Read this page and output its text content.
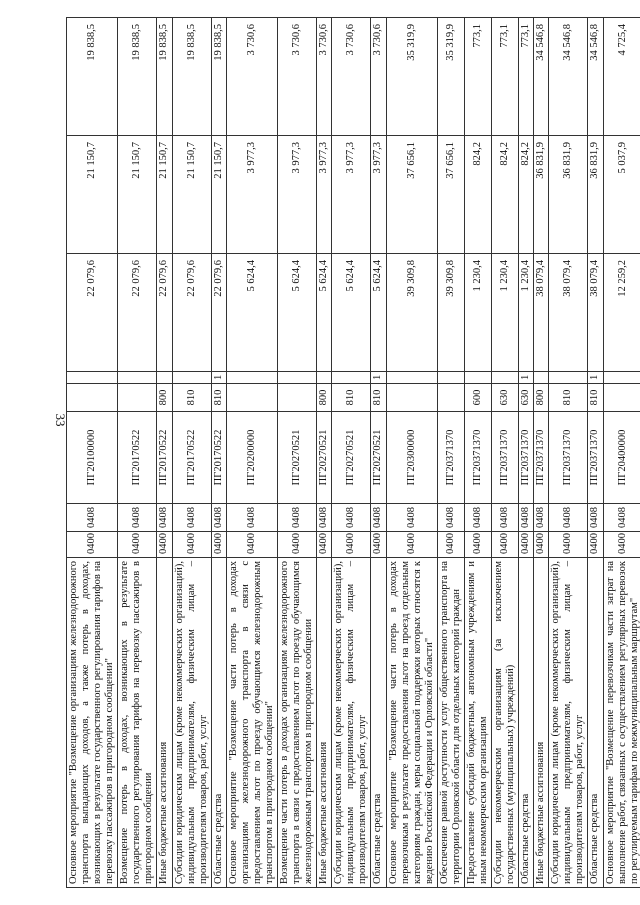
33
Основное мероприятие "Возмещение организациям железнодорожного транспорта выпадающих доходов, а также потерь в доходах, возникающих в результате государственного регулирования тарифов на перевозку пассажиров в пригородном сообщении"	0400	0408	ПГ20100000			22 079,6	21 150,7	19 838,5
Возмещение потерь в доходах, возникающих в результате государственного регулирования тарифов на перевозку пассажиров в пригородном сообщении	0400	0408	ПГ20170522			22 079,6	21 150,7	19 838,5
Иные бюджетные ассигнования	0400	0408	ПГ20170522	800		22 079,6	21 150,7	19 838,5
Субсидии юридическим лицам (кроме некоммерческих организаций), индивидуальным предпринимателям, физическим лицам – производителям товаров, работ, услуг	0400	0408	ПГ20170522	810		22 079,6	21 150,7	19 838,5
Областные средства	0400	0408	ПГ20170522	810	1	22 079,6	21 150,7	19 838,5
Основное мероприятие "Возмещение части потерь в доходах организациям железнодорожного транспорта в связи с предоставлением льгот по проезду обучающимся железнодорожным транспортом в пригородном сообщении"	0400	0408	ПГ20200000			5 624,4	3 977,3	3 730,6
Возмещение части потерь в доходах организациям железнодорожного транспорта в связи с предоставлением льгот по проезду обучающимся железнодорожным транспортом в пригородном сообщении	0400	0408	ПГ20270521			5 624,4	3 977,3	3 730,6
Иные бюджетные ассигнования	0400	0408	ПГ20270521	800		5 624,4	3 977,3	3 730,6
Субсидии юридическим лицам (кроме некоммерческих организаций), индивидуальным предпринимателям, физическим лицам – производителям товаров, работ, услуг	0400	0408	ПГ20270521	810		5 624,4	3 977,3	3 730,6
Областные средства	0400	0408	ПГ20270521	810	1	5 624,4	3 977,3	3 730,6
Основное мероприятие "Возмещение части потерь в доходах перевозчикам в результате предоставления льгот на проезд отдельным категориям граждан, меры социальной поддержки которых относятся к ведению Российской Федерации и Орловской области"	0400	0408	ПГ20300000			39 309,8	37 656,1	35 319,9
Обеспечение равной доступности услуг общественного транспорта на территории Орловской области для отдельных категорий граждан	0400	0408	ПГ20371370			39 309,8	37 656,1	35 319,9
Предоставление субсидий бюджетным, автономным учреждениям и иным некоммерческим организациям	0400	0408	ПГ20371370	600		1 230,4	824,2	773,1
Субсидии некоммерческим организациям (за исключением государственных (муниципальных) учреждений)	0400	0408	ПГ20371370	630		1 230,4	824,2	773,1
Областные средства	0400	0408	ПГ20371370	630	1	1 230,4	824,2	773,1
Иные бюджетные ассигнования	0400	0408	ПГ20371370	800		38 079,4	36 831,9	34 546,8
Субсидии юридическим лицам (кроме некоммерческих организаций), индивидуальным предпринимателям, физическим лицам – производителям товаров, работ, услуг	0400	0408	ПГ20371370	810		38 079,4	36 831,9	34 546,8
Областные средства	0400	0408	ПГ20371370	810	1	38 079,4	36 831,9	34 546,8
Основное мероприятие "Возмещение перевозчикам части затрат на выполнение работ, связанных с осуществлением регулярных перевозок по регулируемым тарифам по межмуниципальным маршрутам"	0400	0408	ПГ20400000			12 259,2	5 037,9	4 725,4
